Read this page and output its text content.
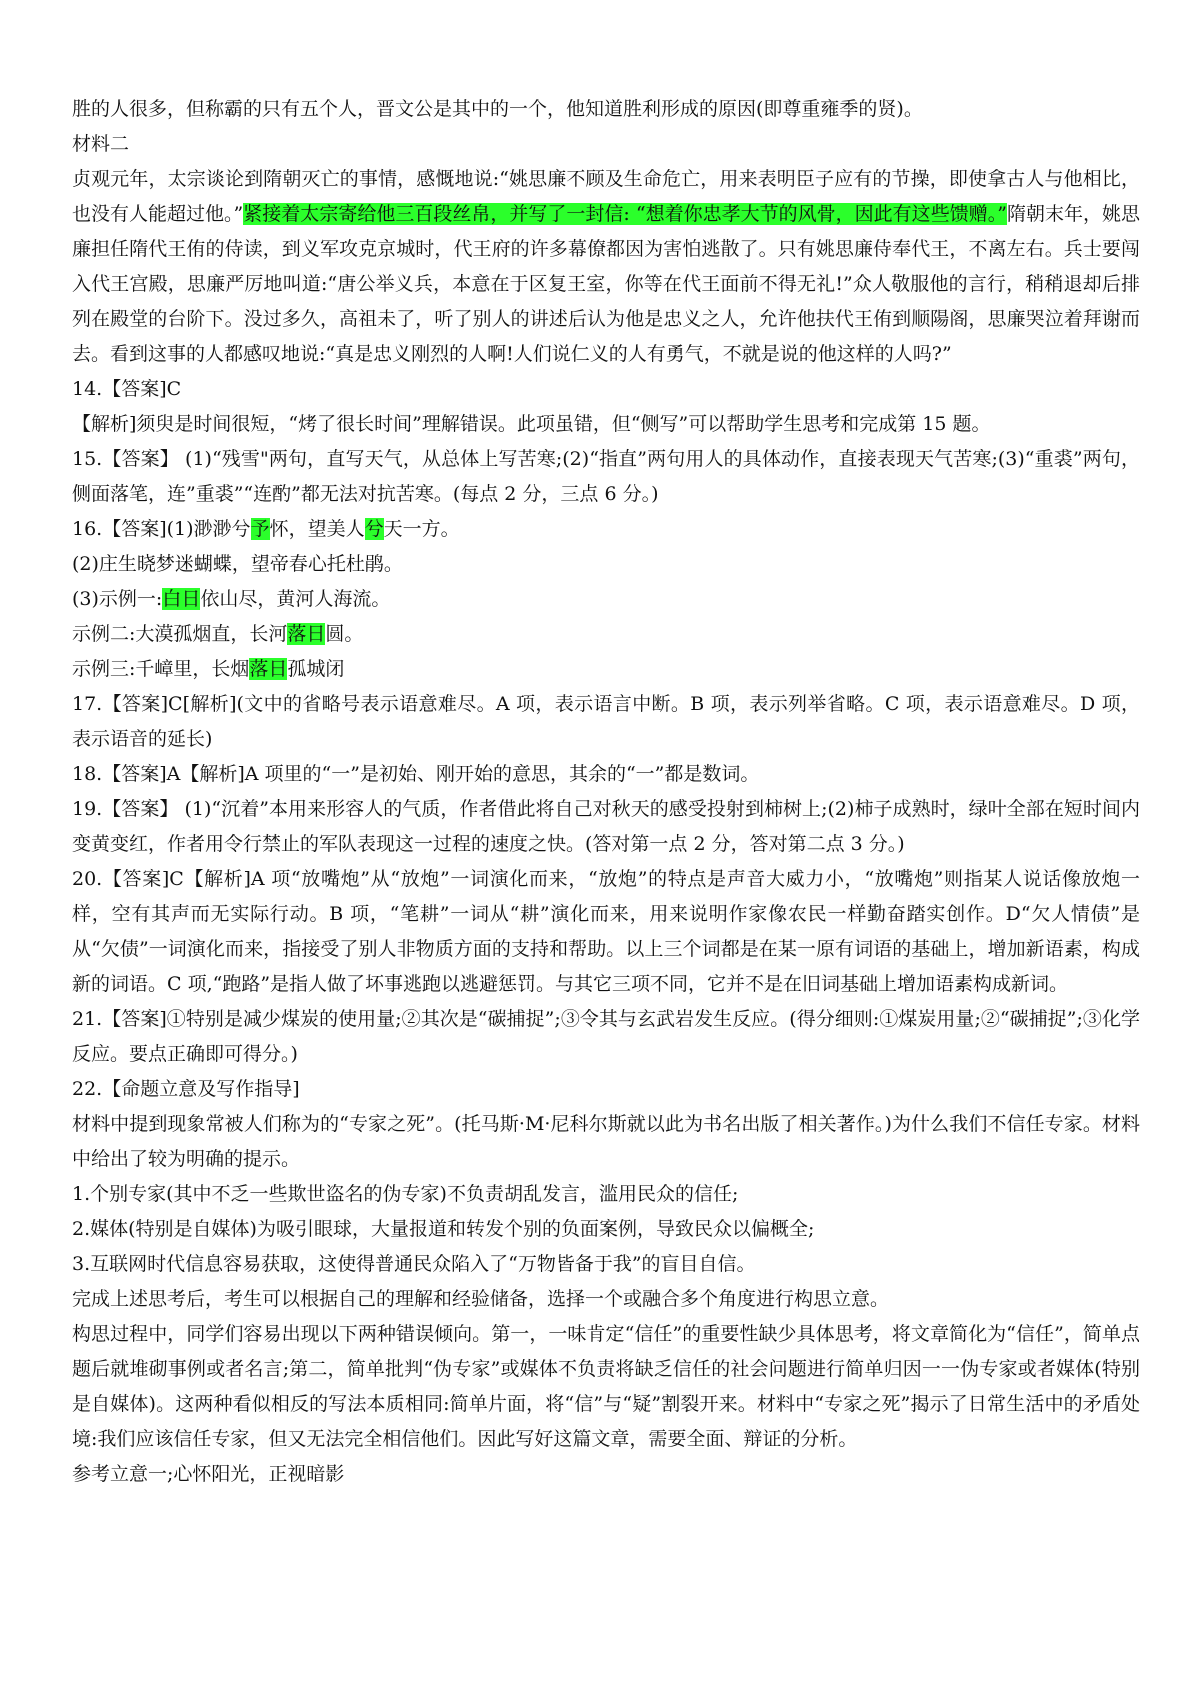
胜的人很多，但称霸的只有五个人，晋文公是其中的一个，他知道胜利形成的原因(即尊重雍季的贤)。

材料二

贞观元年，太宗谈论到隋朝灭亡的事情，感慨地说:“姚思廉不顾及生命危亡，用来表明臣子应有的节操，即使拿古人与他相比，也没有人能超过他。”紧接着太宗寄给他三百段丝帛，并写了一封信: “想着你忠孝大节的风骨，因此有这些馈赠。”隋朝末年，姚思廉担任隋代王侑的侍读，到义军攻克京城时，代王府的许多幕僚都因为害怕逃散了。只有姚思廉侍奉代王，不离左右。兵士要闯入代王宫殿，思廉严厉地叫道:“唐公举义兵，本意在于区复王室，你等在代王面前不得无礼!”众人敬服他的言行，稍稍退却后排列在殿堂的台阶下。没过多久，高祖未了，听了别人的讲述后认为他是忠义之人，允许他扶代王侑到顺陽阁，思廉哭泣着拜谢而去。看到这事的人都感叹地说:“真是忠义刚烈的人啊!人们说仁义的人有勇气，不就是说的他这样的人吗?”

14.【答案]C

【解析]须臾是时间很短，“烤了很长时间”理解错误。此项虽错，但“侧写”可以帮助学生思考和完成第 15 题。

15.【答案】 (1)“残雪"两句，直写天气，从总体上写苦寒;(2)“指直”两句用人的具体动作，直接表现天气苦寒;(3)“重裘”两句，侧面落笔，连”重裘”“连酌”都无法对抗苦寒。(每点 2 分，三点 6 分。)

16.【答案](1)渺渺兮予怀，望美人兮天一方。

(2)庄生晓梦迷蝴蝶，望帝春心托杜鹃。

(3)示例一:白日依山尽，黄河人海流。

示例二:大漠孤烟直，长河落日圆。

示例三:千嶂里，长烟落日孤城闭

17.【答案]C[解析](文中的省略号表示语意难尽。A 项，表示语言中断。B 项，表示列举省略。C 项，表示语意难尽。D 项，表示语音的延长)

18.【答案]A【解析]A 项里的“一”是初始、刚开始的意思，其余的“一”都是数词。

19.【答案】 (1)“沉着”本用来形容人的气质，作者借此将自己对秋天的感受投射到柿树上;(2)柿子成熟时，绿叶全部在短时间内变黄变红，作者用令行禁止的军队表现这一过程的速度之快。(答对第一点 2 分，答对第二点 3 分。)

20.【答案]C【解析]A 项“放嘴炮”从“放炮”一词演化而来，“放炮”的特点是声音大威力小，“放嘴炮”则指某人说话像放炮一样，空有其声而无实际行动。B 项，“笔耕”一词从“耕”演化而来，用来说明作家像农民一样勤奋踏实创作。D“欠人情债”是从“欠债”一词演化而来，指接受了别人非物质方面的支持和帮助。以上三个词都是在某一原有词语的基础上，增加新语素，构成新的词语。C 项,“跑路”是指人做了坏事逃跑以逃避惩罚。与其它三项不同，它并不是在旧词基础上增加语素构成新词。

21.【答案]①特别是减少煤炭的使用量;②其次是“碳捕捉”;③令其与玄武岩发生反应。(得分细则:①煤炭用量;②“碳捕捉”;③化学反应。要点正确即可得分。)

22.【命题立意及写作指导]

材料中提到现象常被人们称为的“专家之死”。(托马斯·M·尼科尔斯就以此为书名出版了相关著作。)为什么我们不信任专家。材料中给出了较为明确的提示。

1.个别专家(其中不乏一些欺世盗名的伪专家)不负责胡乱发言，滥用民众的信任;

2.媒体(特别是自媒体)为吸引眼球，大量报道和转发个别的负面案例，导致民众以偏概全;

3.互联网时代信息容易获取，这使得普通民众陷入了“万物皆备于我”的盲目自信。

完成上述思考后，考生可以根据自己的理解和经验储备，选择一个或融合多个角度进行构思立意。

构思过程中，同学们容易出现以下两种错误倾向。第一，一味肯定“信任”的重要性缺少具体思考，将文章简化为“信任”，简单点题后就堆砌事例或者名言;第二，简单批判“伪专家”或媒体不负责将缺乏信任的社会问题进行简单归因一一伪专家或者媒体(特别是自媒体)。这两种看似相反的写法本质相同:简单片面，将“信”与“疑”割裂开来。材料中“专家之死”揭示了日常生活中的矛盾处境:我们应该信任专家，但又无法完全相信他们。因此写好这篇文章，需要全面、辩证的分析。

参考立意一;心怀阳光，正视暗影
